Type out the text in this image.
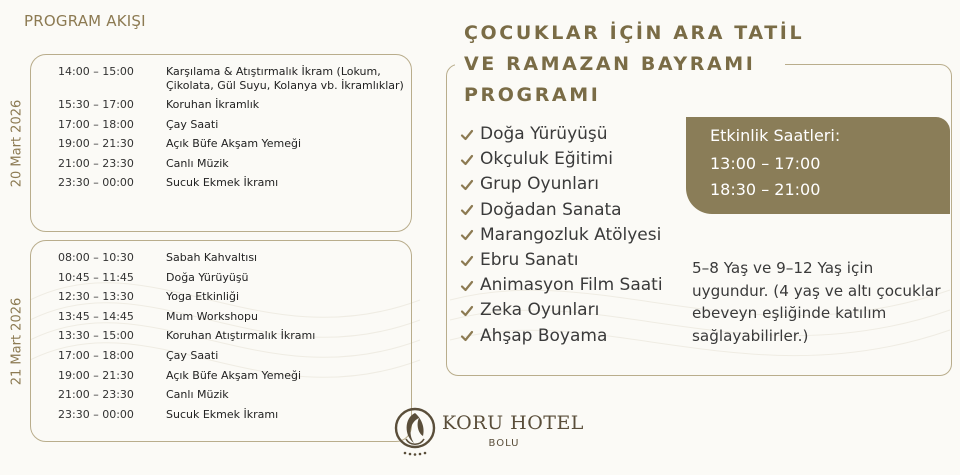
PROGRAM AKIŞI
20 Mart 2026
14:00 – 15:00	Karşılama & Atıştırmalık İkram (Lokum, Çikolata, Gül Suyu, Kolanya vb. İkramlıklar)
15:30 – 17:00	Koruhan İkramlık
17:00 – 18:00	Çay Saati
19:00 – 21:30	Açık Büfe Akşam Yemeği
21:00 – 23:30	Canlı Müzik
23:30 – 00:00	Sucuk Ekmek İkramı
21 Mart 2026
08:00 – 10:30	Sabah Kahvaltısı
10:45 – 11:45	Doğa Yürüyüşü
12:30 – 13:30	Yoga Etkinliği
13:45 – 14:45	Mum Workshopu
13:30 – 15:00	Koruhan Atıştırmalık İkramı
17:00 – 18:00	Çay Saati
19:00 – 21:30	Açık Büfe Akşam Yemeği
21:00 – 23:30	Canlı Müzik
23:30 – 00:00	Sucuk Ekmek İkramı
ÇOCUKLAR İÇİN ARA TATİL
VE RAMAZAN BAYRAMI
PROGRAMI
Doğa Yürüyüşü
Okçuluk Eğitimi
Grup Oyunları
Doğadan Sanata
Marangozluk Atölyesi
Ebru Sanatı
Animasyon Film Saati
Zeka Oyunları
Ahşap Boyama
Etkinlik Saatleri:
13:00 – 17:00
18:30 – 21:00

5–8 Yaş ve 9–12 Yaş için uygundur. (4 yaş ve altı çocuklar ebeveyn eşliğinde katılım sağlayabilirler.)

KORU HOTEL
BOLU
